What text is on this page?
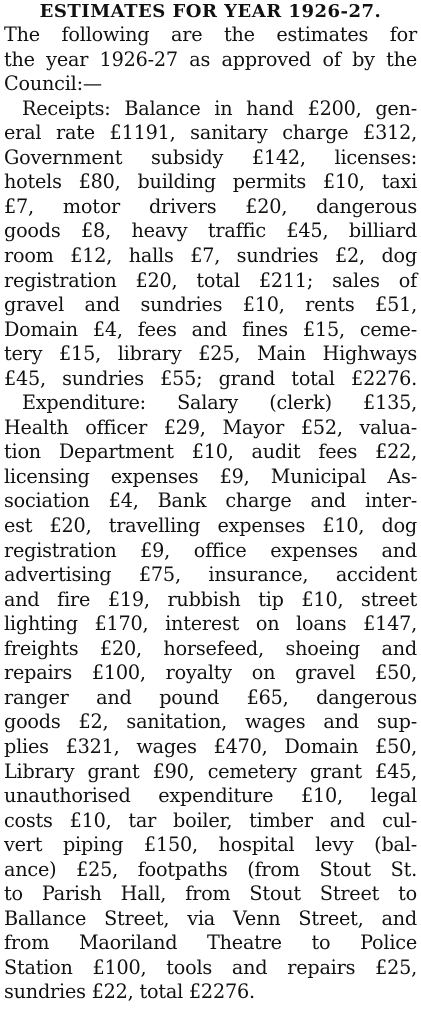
ESTIMATES FOR YEAR 1926-27.
The following are the estimates for
the year 1926-27 as approved of by the
Council:—
Receipts: Balance in hand £200, gen-
eral rate £1191, sanitary charge £312,
Government subsidy £142, licenses:
hotels £80, building permits £10, taxi
£7, motor drivers £20, dangerous
goods £8, heavy traffic £45, billiard
room £12, halls £7, sundries £2, dog
registration £20, total £211; sales of
gravel and sundries £10, rents £51,
Domain £4, fees and fines £15, ceme-
tery £15, library £25, Main Highways
£45, sundries £55; grand total £2276.
Expenditure: Salary (clerk) £135,
Health officer £29, Mayor £52, valua-
tion Department £10, audit fees £22,
licensing expenses £9, Municipal As-
sociation £4, Bank charge and inter-
est £20, travelling expenses £10, dog
registration £9, office expenses and
advertising £75, insurance, accident
and fire £19, rubbish tip £10, street
lighting £170, interest on loans £147,
freights £20, horsefeed, shoeing and
repairs £100, royalty on gravel £50,
ranger and pound £65, dangerous
goods £2, sanitation, wages and sup-
plies £321, wages £470, Domain £50,
Library grant £90, cemetery grant £45,
unauthorised expenditure £10, legal
costs £10, tar boiler, timber and cul-
vert piping £150, hospital levy (bal-
ance) £25, footpaths (from Stout St.
to Parish Hall, from Stout Street to
Ballance Street, via Venn Street, and
from Maoriland Theatre to Police
Station £100, tools and repairs £25,
sundries £22, total £2276.
